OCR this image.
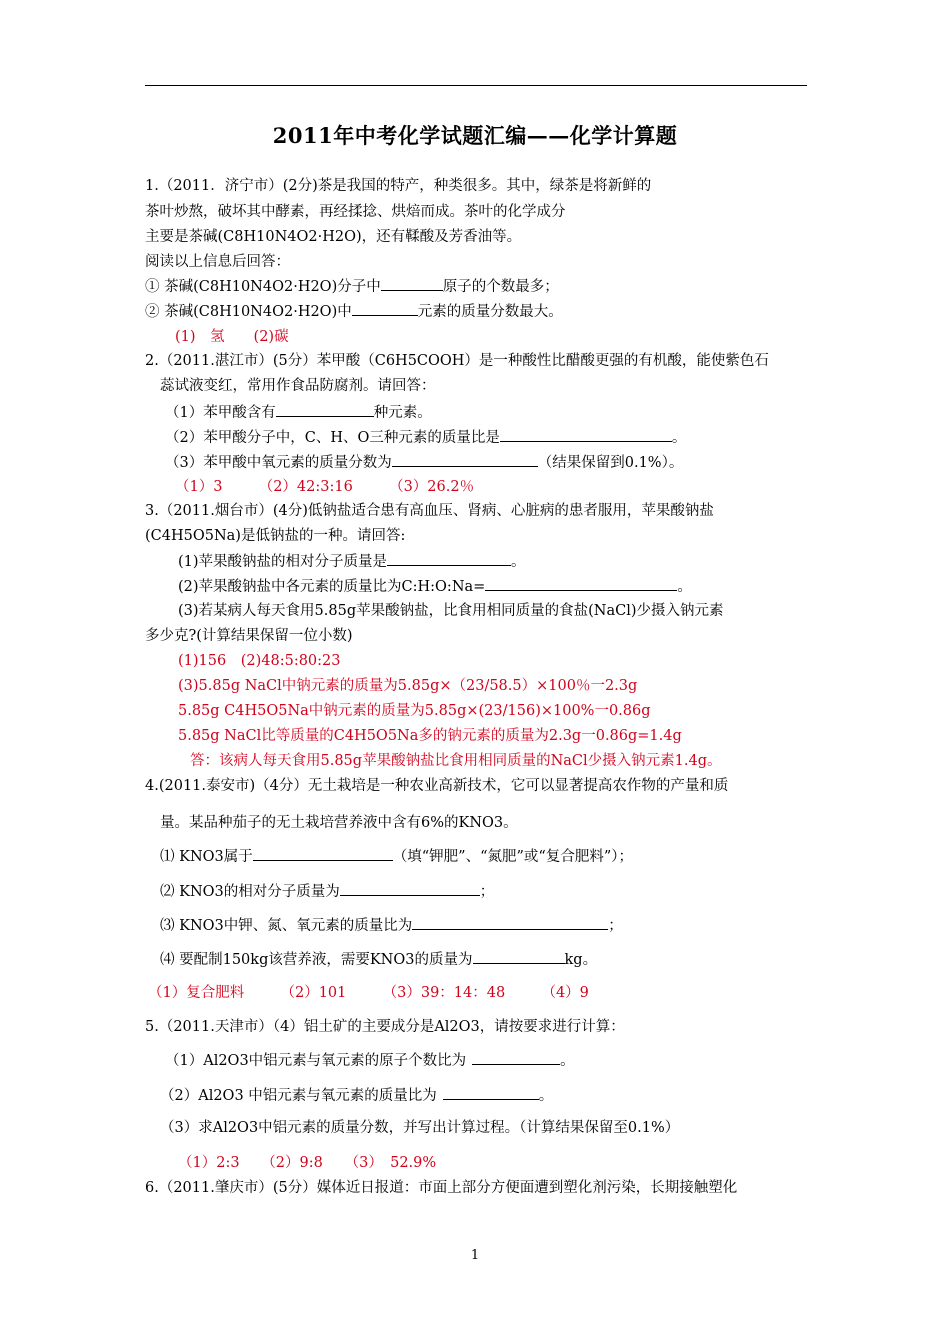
2011年中考化学试题汇编——化学计算题
1.（2011．济宁市）(2分)茶是我国的特产，种类很多。其中，绿茶是将新鲜的
茶叶炒熬，破坏其中酵素，再经揉捻、烘焙而成。茶叶的化学成分
主要是茶碱(C8H10N4O2·H2O)，还有鞣酸及芳香油等。
阅读以上信息后回答：
① 茶碱(C8H10N4O2·H2O)分子中	原子的个数最多；
② 茶碱(C8H10N4O2·H2O)中	元素的质量分数最大。
(1)　氢　　(2)碳
2.（2011.湛江市）(5分）苯甲酸（C6H5COOH）是一种酸性比醋酸更强的有机酸，能使紫色石
蕊试液变红，常用作食品防腐剂。请回答：
（1）苯甲酸含有	种元素。
（2）苯甲酸分子中，C、H、O三种元素的质量比是	。
（3）苯甲酸中氧元素的质量分数为	（结果保留到0.1%）。
（1）3　　　（2）42:3:16　　　（3）26.2％
3.（2011.烟台市）(4分)低钠盐适合患有高血压、肾病、心脏病的患者服用，苹果酸钠盐
(C4H5O5Na)是低钠盐的一种。请回答:
(1)苹果酸钠盐的相对分子质量是	。
(2)苹果酸钠盐中各元素的质量比为C:H:O:Na=	。
(3)若某病人每天食用5.85g苹果酸钠盐，比食用相同质量的食盐(NaCl)少摄入钠元素
多少克?(计算结果保留一位小数)
(1)156　(2)48:5:80:23
(3)5.85g NaCl中钠元素的质量为5.85g×（23/58.5）×100％一2.3g
5.85g C4H5O5Na中钠元素的质量为5.85g×(23/156)×100%一0.86g
5.85g NaCl比等质量的C4H5O5Na多的钠元素的质量为2.3g一0.86g=1.4g
答：该病人每天食用5.85g苹果酸钠盐比食用相同质量的NaCl少摄入钠元素1.4g。
4.(2011.泰安市)（4分）无土栽培是一种农业高新技术，它可以显著提高农作物的产量和质
量。某品种茄子的无土栽培营养液中含有6%的KNO3。
⑴ KNO3属于	（填“钾肥”、“氮肥”或“复合肥料”）；
⑵ KNO3的相对分子质量为	；
⑶ KNO3中钾、氮、氧元素的质量比为	；
⑷ 要配制150kg该营养液，需要KNO3的质量为	kg。
（1）复合肥料　　　（2）101　　　（3）39：14：48　　　（4）9
5.（2011.天津市）（4）铝土矿的主要成分是Al2O3，请按要求进行计算：
（1）Al2O3中铝元素与氧元素的原子个数比为	。
（2）Al2O3 中铝元素与氧元素的质量比为	。
（3）求Al2O3中铝元素的质量分数，并写出计算过程。（计算结果保留至0.1%）
（1）2:3　　（2）9:8　　（3）　52.9%
6.（2011.肇庆市）(5分）媒体近日报道：市面上部分方便面遭到塑化剂污染，长期接触塑化
1
